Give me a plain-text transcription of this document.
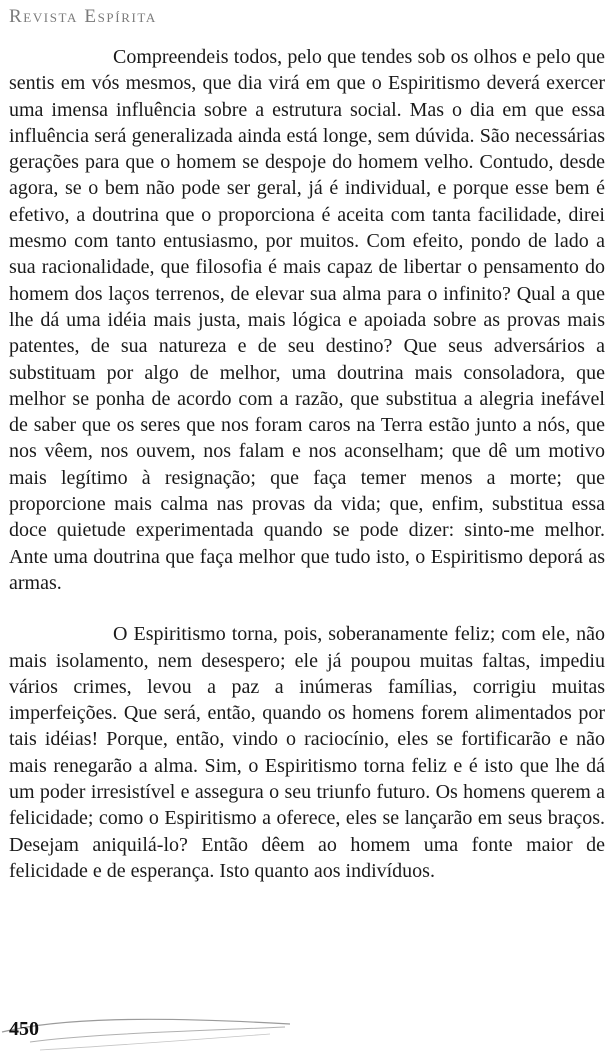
Revista Espírita

Compreendeis todos, pelo que tendes sob os olhos e pelo que sentis em vós mesmos, que dia virá em que o Espiritismo deverá exercer uma imensa influência sobre a estrutura social. Mas o dia em que essa influência será generalizada ainda está longe, sem dúvida. São necessárias gerações para que o homem se despoje do homem velho. Contudo, desde agora, se o bem não pode ser geral, já é individual, e porque esse bem é efetivo, a doutrina que o proporciona é aceita com tanta facilidade, direi mesmo com tanto entusiasmo, por muitos. Com efeito, pondo de lado a sua racionalidade, que filosofia é mais capaz de libertar o pensamento do homem dos laços terrenos, de elevar sua alma para o infinito? Qual a que lhe dá uma idéia mais justa, mais lógica e apoiada sobre as provas mais patentes, de sua natureza e de seu destino? Que seus adversários a substituam por algo de melhor, uma doutrina mais consoladora, que melhor se ponha de acordo com a razão, que substitua a alegria inefável de saber que os seres que nos foram caros na Terra estão junto a nós, que nos vêem, nos ouvem, nos falam e nos aconselham; que dê um motivo mais legítimo à resignação; que faça temer menos a morte; que proporcione mais calma nas provas da vida; que, enfim, substitua essa doce quietude experimentada quando se pode dizer: sinto-me melhor. Ante uma doutrina que faça melhor que tudo isto, o Espiritismo deporá as armas.

O Espiritismo torna, pois, soberanamente feliz; com ele, não mais isolamento, nem desespero; ele já poupou muitas faltas, impediu vários crimes, levou a paz a inúmeras famílias, corrigiu muitas imperfeições. Que será, então, quando os homens forem alimentados por tais idéias! Porque, então, vindo o raciocínio, eles se fortificarão e não mais renegarão a alma. Sim, o Espiritismo torna feliz e é isto que lhe dá um poder irresistível e assegura o seu triunfo futuro. Os homens querem a felicidade; como o Espiritismo a oferece, eles se lançarão em seus braços. Desejam aniquilá-lo? Então dêem ao homem uma fonte maior de felicidade e de esperança. Isto quanto aos indivíduos.

450
